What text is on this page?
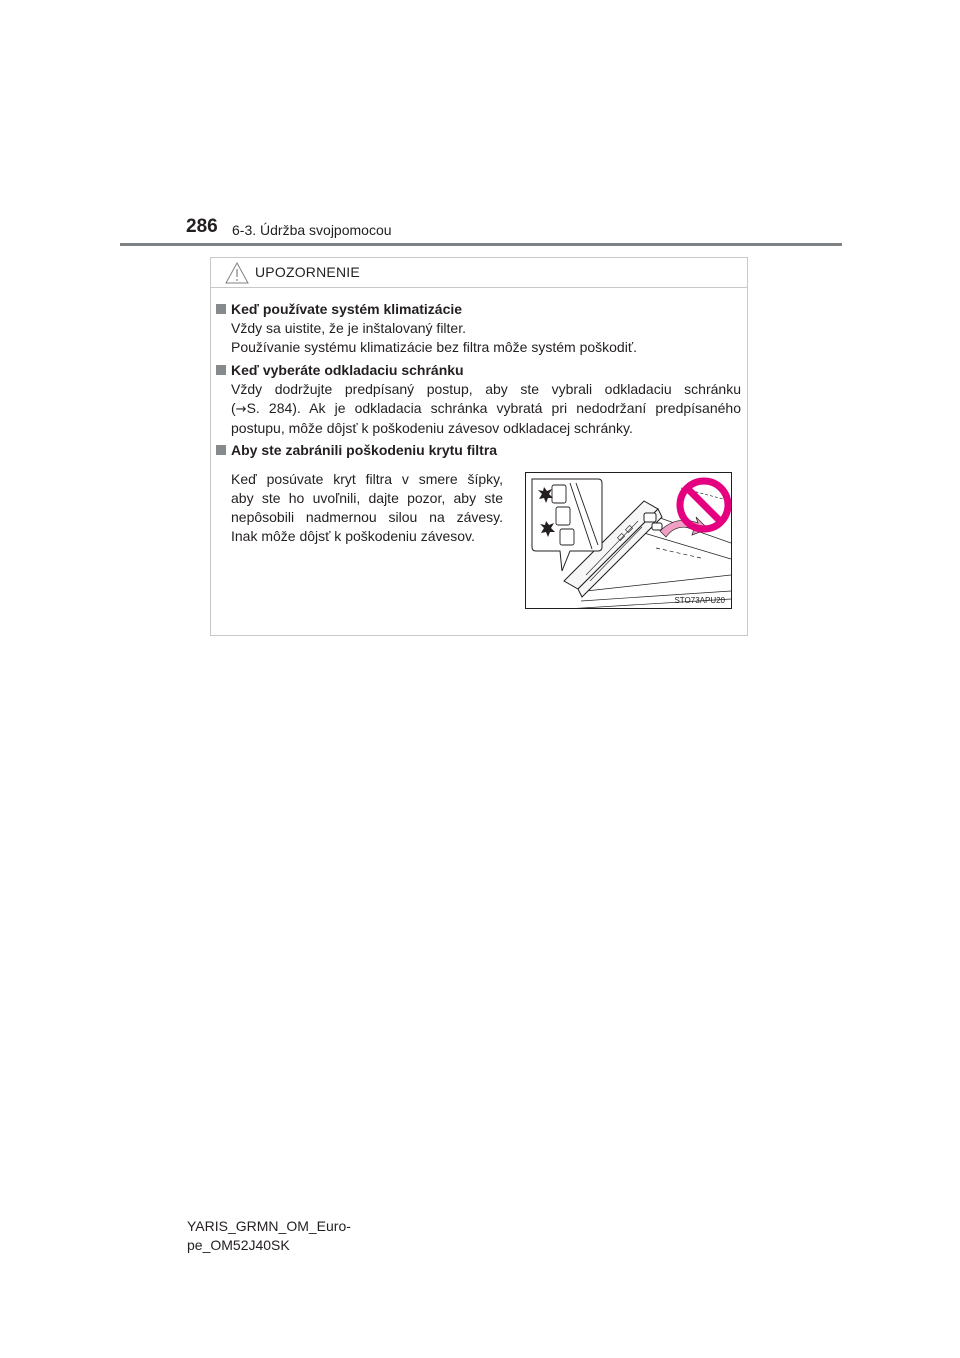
286 6-3. Údržba svojpomocou
UPOZORNENIE
Keď používate systém klimatizácie

Vždy sa uistite, že je inštalovaný filter.

Používanie systému klimatizácie bez filtra môže systém poškodiť.

Keď vyberáte odkladaciu schránku

Vždy dodržujte predpísaný postup, aby ste vybrali odkladaciu schránku

(→S. 284). Ak je odkladacia schránka vybratá pri nedodržaní predpísaného

postupu, môže dôjsť k poškodeniu závesov odkladacej schránky.

Aby ste zabránili poškodeniu krytu filtra

Keď posúvate kryt filtra v smere šípky,

aby ste ho uvoľnili, dajte pozor, aby ste

nepôsobili nadmernou silou na závesy.

Inak môže dôjsť k poškodeniu závesov.

STO73APU20
YARIS_GRMN_OM_Euro-
pe_OM52J40SK
